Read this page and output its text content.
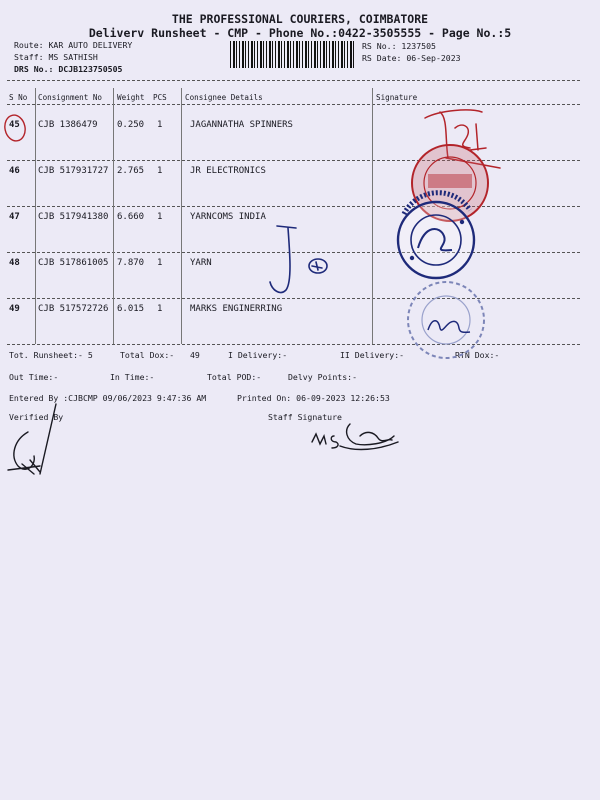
THE PROFESSIONAL COURIERS, COIMBATORE
Deliverv Runsheet - CMP - Phone No.:0422-3505555 - Page No.:5
Route: KAR AUTO DELIVERY
Staff: MS SATHISH
DRS No.: DCJB123750505
RS No.: 1237505
RS Date: 06-Sep-2023
S No Consignment No Weight PCS Consignee Details	Signature
45 CJB 1386479 0.250 1	JAGANNATHA SPINNERS
46 CJB 517931727 2.765 1	JR ELECTRONICS
47 CJB 517941380 6.660 1	YARNCOMS INDIA
48 CJB 517861005 7.870 1	YARN
49 CJB 517572726 6.015 1	MARKS ENGINERRING
Tot. Runsheet:- 5	Total Dox:- 49	I Delivery:-	II Delivery:-	RTN Dox:-
Out Time:-	In Time:-	Total POD:-	Delvy Points:-
Entered By :CJBCMP 09/06/2023 9:47:36 AM	Printed On: 06-09-2023 12:26:53
Verified By	Staff Signature
